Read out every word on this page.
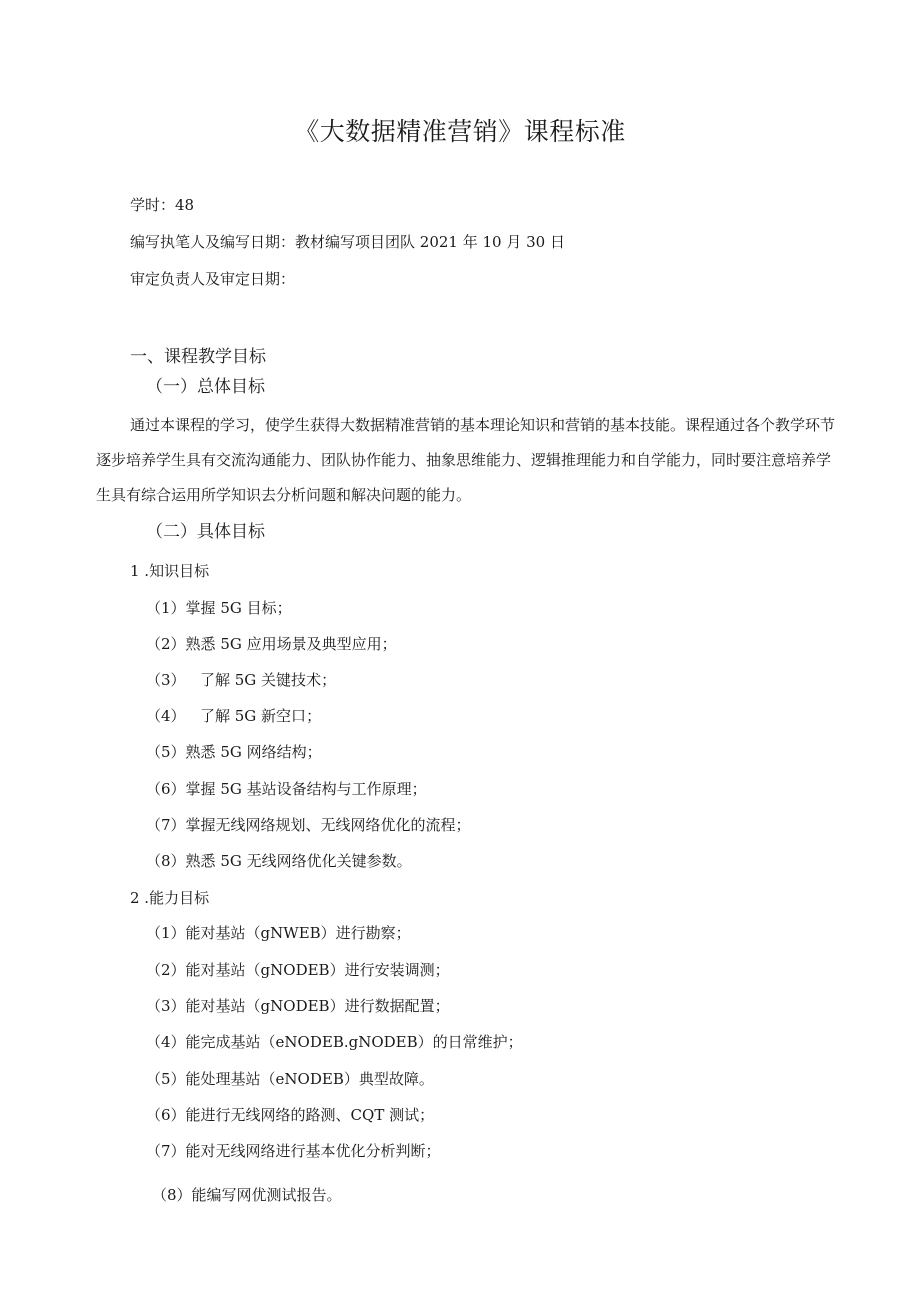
《大数据精准营销》课程标准
学时：48
编写执笔人及编写日期：教材编写项目团队 2021 年 10 月 30 日
审定负责人及审定日期：
一、课程教学目标
（一）总体目标
通过本课程的学习，使学生获得大数据精准营销的基本理论知识和营销的基本技能。课程通过各个教学环节逐步培养学生具有交流沟通能力、团队协作能力、抽象思维能力、逻辑推理能力和自学能力，同时要注意培养学生具有综合运用所学知识去分析问题和解决问题的能力。
（二）具体目标
1 .知识目标
（1）掌握 5G 目标；
（2）熟悉 5G 应用场景及典型应用；
（3） 了解 5G 关键技术；
（4） 了解 5G 新空口；
（5）熟悉 5G 网络结构；
（6）掌握 5G 基站设备结构与工作原理；
（7）掌握无线网络规划、无线网络优化的流程；
（8）熟悉 5G 无线网络优化关键参数。
2 .能力目标
（1）能对基站（gNWEB）进行勘察；
（2）能对基站（gNODEB）进行安装调测；
（3）能对基站（gNODEB）进行数据配置；
（4）能完成基站（eNODEB.gNODEB）的日常维护；
（5）能处理基站（eNODEB）典型故障。
（6）能进行无线网络的路测、CQT 测试；
（7）能对无线网络进行基本优化分析判断；
（8）能编写网优测试报告。
